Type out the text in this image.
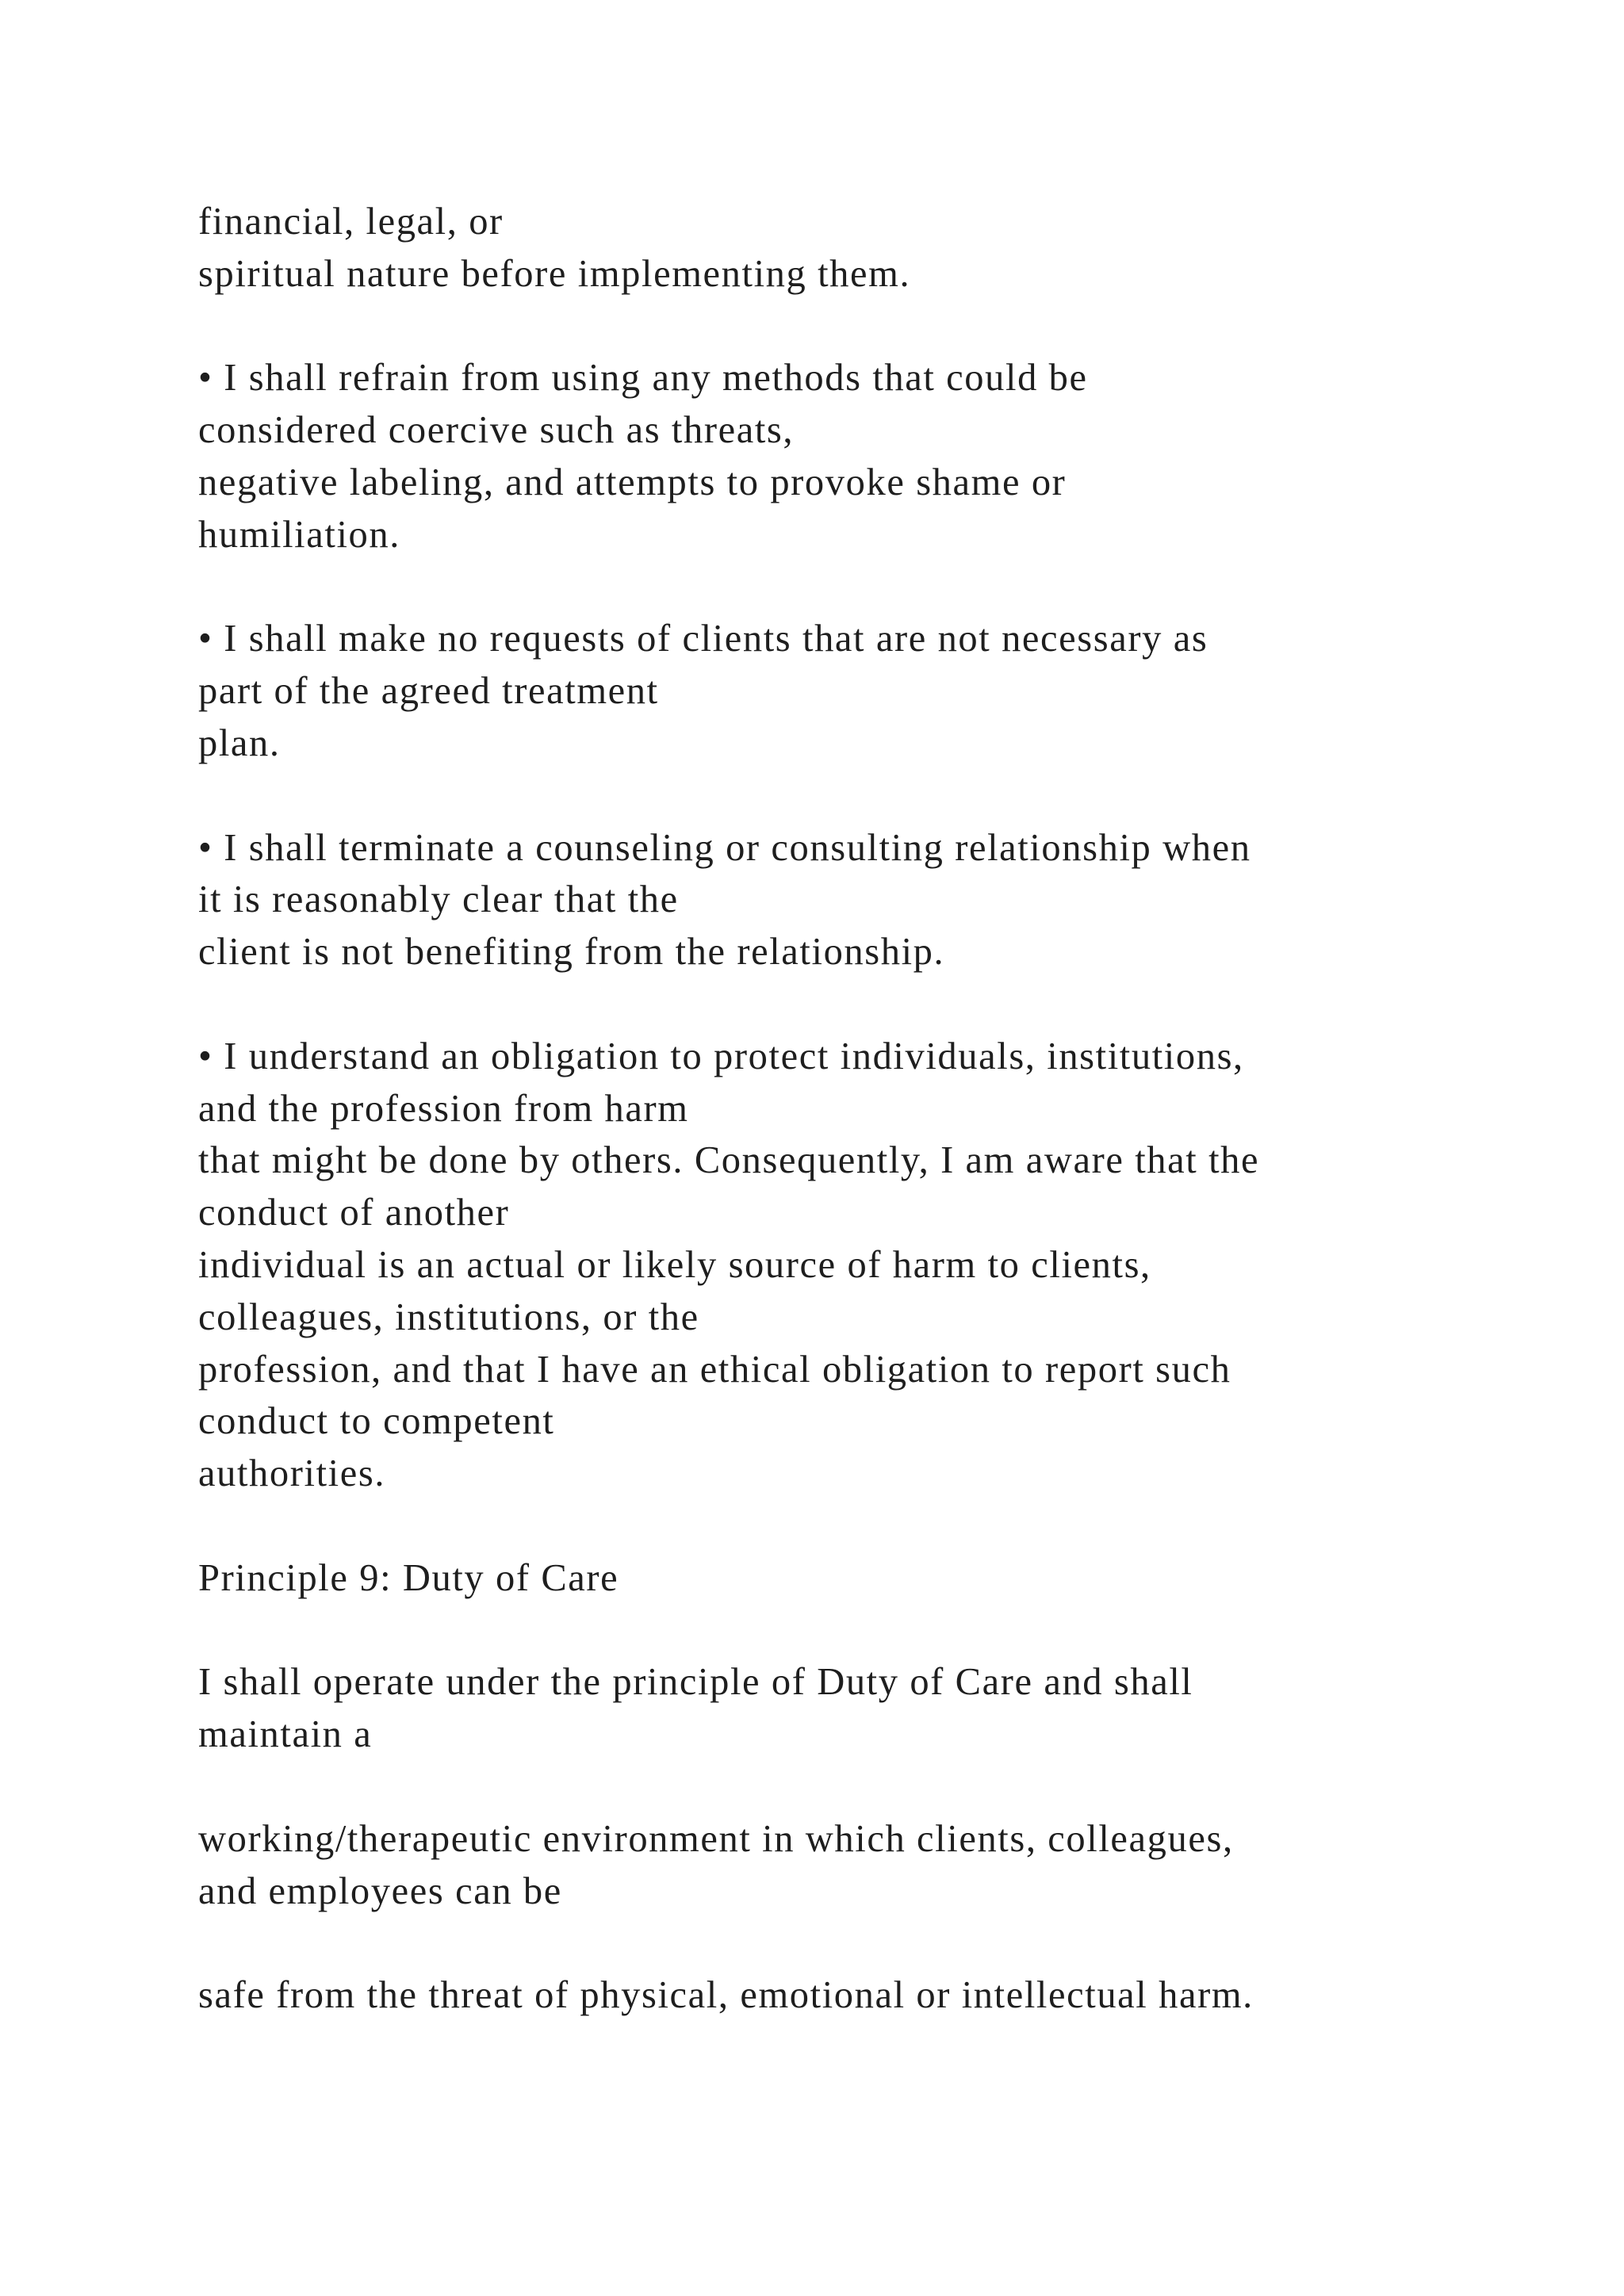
financial, legal, or
spiritual nature before implementing them.
• I shall refrain from using any methods that could be
considered coercive such as threats,
negative labeling, and attempts to provoke shame or
humiliation.
• I shall make no requests of clients that are not necessary as
part of the agreed treatment
plan.
• I shall terminate a counseling or consulting relationship when
it is reasonably clear that the
client is not benefiting from the relationship.
• I understand an obligation to protect individuals, institutions,
and the profession from harm
that might be done by others. Consequently, I am aware that the
conduct of another
individual is an actual or likely source of harm to clients,
colleagues, institutions, or the
profession, and that I have an ethical obligation to report such
conduct to competent
authorities.
Principle 9: Duty of Care
I shall operate under the principle of Duty of Care and shall
maintain a
working/therapeutic environment in which clients, colleagues,
and employees can be
safe from the threat of physical, emotional or intellectual harm.
